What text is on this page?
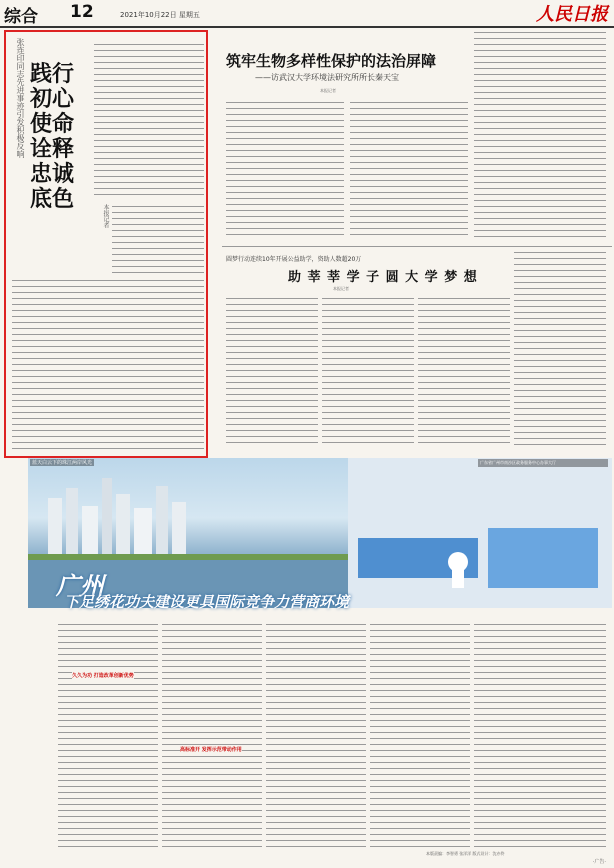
综合 12	2021年10月22日 星期五	人民日报
张连印同志先进事迹引发积极反响 践行初心使命 诠释忠诚底色
本报记者
筑牢生物多样性保护的法治屏障
——访武汉大学环境法研究所所长秦天宝
本报记者
圆梦行动连续10年开展公益助学，资助人数超20万
助 莘 莘 学 子 圆 大 学 梦 想
本报记者
蓝天白云下的珠江两岸风光	广东省广州市南沙区政务服务中心办事大厅
广州
下足绣花功夫建设更具国际竞争力营商环境
久久为功 打造改革创新优势
高标准开 发挥示范带动作用
本版责编：李智勇 张洋洋 版式设计：沈亦伶
·广告·
